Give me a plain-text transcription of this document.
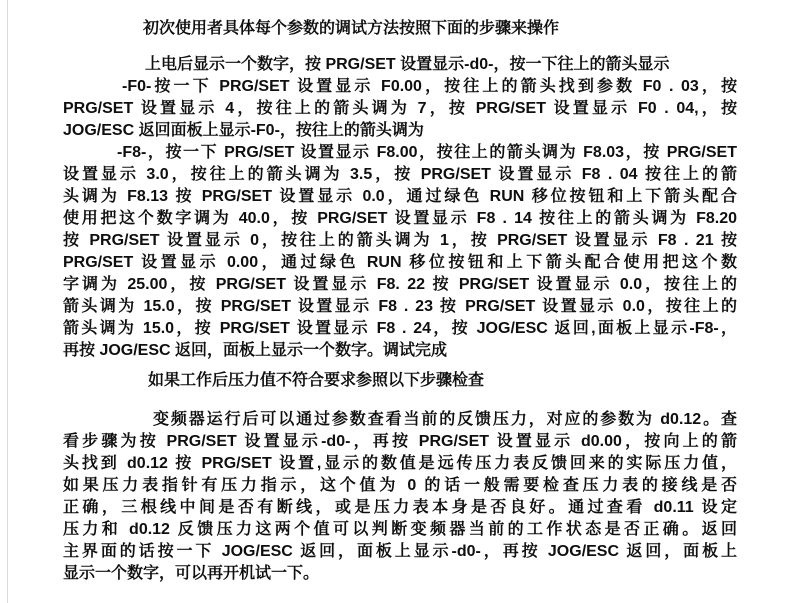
初次使用者具体每个参数的调试方法按照下面的步骤来操作
上电后显示一个数字，按 PRG/SET 设置显示-d0-，按一下往上的箭头显示
-F0-按一下 PRG/SET 设置显示 F0.00，按往上的箭头找到参数 F0 . 03，按
PRG/SET 设置显示 4，按往上的箭头调为 7，按 PRG/SET 设置显示 F0 . 04,，按
JOG/ESC 返回面板上显示-F0-，按往上的箭头调为
-F8-，按一下 PRG/SET 设置显示 F8.00，按往上的箭头调为 F8.03，按 PRG/SET
设置显示 3.0，按往上的箭头调为 3.5，按 PRG/SET 设置显示 F8 . 04 按往上的箭
头调为 F8.13 按 PRG/SET 设置显示 0.0，通过绿色 RUN 移位按钮和上下箭头配合
使用把这个数字调为 40.0，按 PRG/SET 设置显示 F8 . 14 按往上的箭头调为 F8.20
按 PRG/SET 设置显示 0，按往上的箭头调为 1，按 PRG/SET 设置显示 F8 . 21 按
PRG/SET 设置显示 0.00，通过绿色 RUN 移位按钮和上下箭头配合使用把这个数
字调为 25.00，按 PRG/SET 设置显示 F8. 22 按 PRG/SET 设置显示 0.0，按往上的
箭头调为 15.0，按 PRG/SET 设置显示 F8 . 23 按 PRG/SET 设置显示 0.0，按往上的
箭头调为 15.0，按 PRG/SET 设置显示 F8 . 24，按 JOG/ESC 返回,面板上显示-F8-，
再按 JOG/ESC 返回，面板上显示一个数字。调试完成
如果工作后压力值不符合要求参照以下步骤检查
变频器运行后可以通过参数查看当前的反馈压力，对应的参数为 d0.12。查
看步骤为按 PRG/SET 设置显示-d0-，再按 PRG/SET 设置显示 d0.00，按向上的箭
头找到 d0.12 按 PRG/SET 设置,显示的数值是远传压力表反馈回来的实际压力值，
如果压力表指针有压力指示，这个值为 0 的话一般需要检查压力表的接线是否
正确，三根线中间是否有断线，或是压力表本身是否良好。通过查看 d0.11 设定
压力和 d0.12 反馈压力这两个值可以判断变频器当前的工作状态是否正确。返回
主界面的话按一下 JOG/ESC 返回，面板上显示-d0-，再按 JOG/ESC 返回，面板上
显示一个数字，可以再开机试一下。
